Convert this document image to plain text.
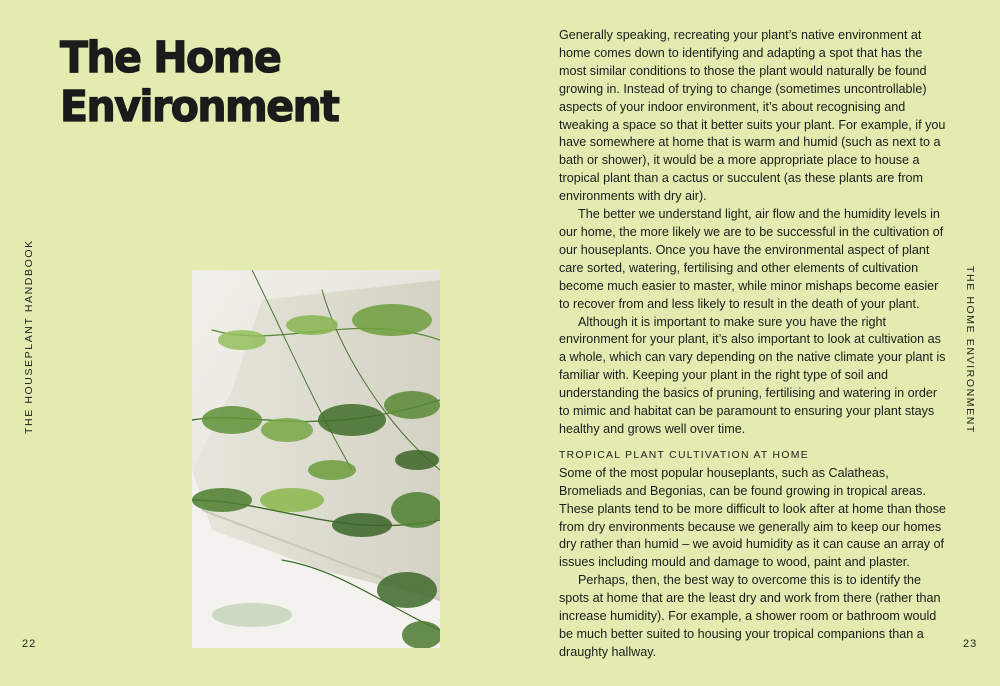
The Home
Environment
THE HOUSEPLANT HANDBOOK
22

Generally speaking, recreating your plant’s native environment at home comes down to identifying and adapting a spot that has the most similar conditions to those the plant would naturally be found growing in. Instead of trying to change (sometimes uncontrollable) aspects of your indoor environment, it’s about recognising and tweaking a space so that it better suits your plant. For example, if you have somewhere at home that is warm and humid (such as next to a bath or shower), it would be a more appropriate place to house a tropical plant than a cactus or succulent (as these plants are from environments with dry air).

The better we understand light, air flow and the humidity levels in our home, the more likely we are to be successful in the cultivation of our houseplants. Once you have the environmental aspect of plant care sorted, watering, fertilising and other elements of cultivation become much easier to master, while minor mishaps become easier to recover from and less likely to result in the death of your plant.

Although it is important to make sure you have the right environment for your plant, it’s also important to look at cultivation as a whole, which can vary depending on the native climate your plant is familiar with. Keeping your plant in the right type of soil and understanding the basics of pruning, fertilising and watering in order to mimic and habitat can be paramount to ensuring your plant stays healthy and grows well over time.

TROPICAL PLANT CULTIVATION AT HOME

Some of the most popular houseplants, such as Calatheas, Bromeliads and Begonias, can be found growing in tropical areas. These plants tend to be more difficult to look after at home than those from dry environments because we generally aim to keep our homes dry rather than humid – we avoid humidity as it can cause an array of issues including mould and damage to wood, paint and plaster.

Perhaps, then, the best way to overcome this is to identify the spots at home that are the least dry and work from there (rather than increase humidity). For example, a shower room or bathroom would be much better suited to housing your tropical companions than a draughty hallway.

THE HOME ENVIRONMENT
23
